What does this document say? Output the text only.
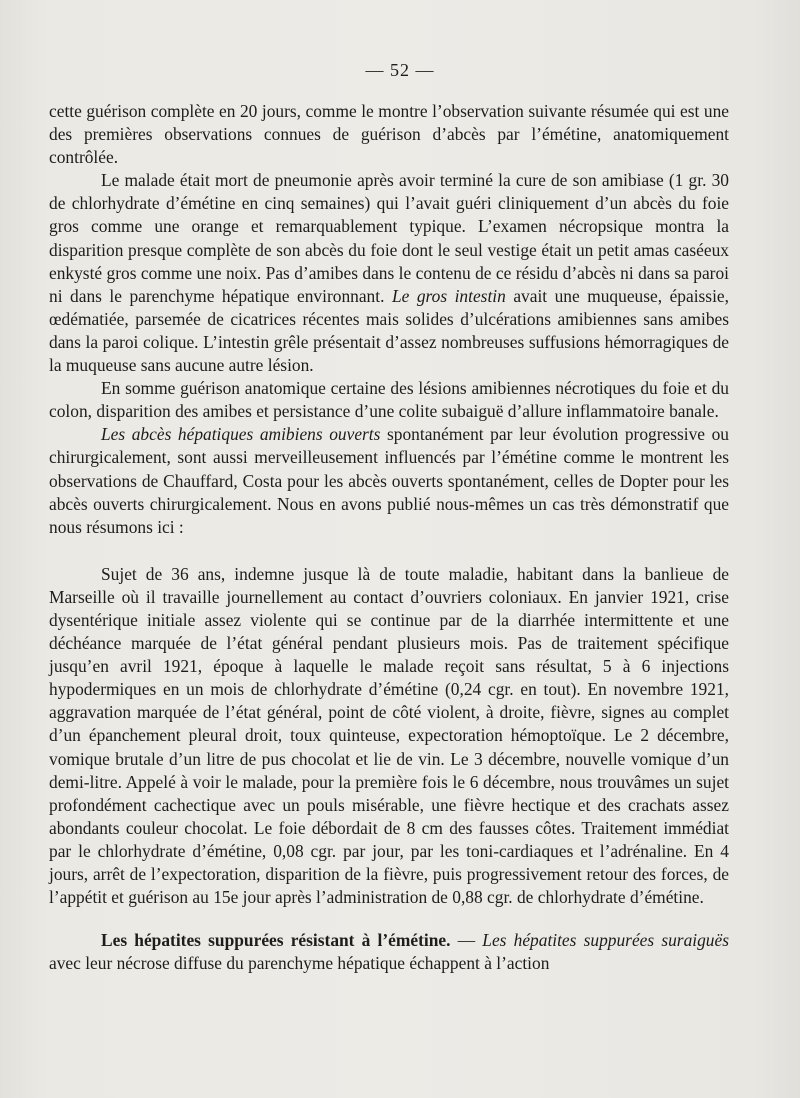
— 52 —

cette guérison complète en 20 jours, comme le montre l’observation suivante résumée qui est une des premières observations connues de guérison d’abcès par l’émétine, anatomiquement contrôlée.

Le malade était mort de pneumonie après avoir terminé la cure de son amibiase (1 gr. 30 de chlorhydrate d’émétine en cinq semaines) qui l’avait guéri cliniquement d’un abcès du foie gros comme une orange et remarquablement typique. L’examen nécropsique montra la disparition presque complète de son abcès du foie dont le seul vestige était un petit amas caséeux enkysté gros comme une noix. Pas d’amibes dans le contenu de ce résidu d’abcès ni dans sa paroi ni dans le parenchyme hépatique environnant. Le gros intestin avait une muqueuse, épaissie, œdématiée, parsemée de cicatrices récentes mais solides d’ulcérations amibiennes sans amibes dans la paroi colique. L’intestin grêle présentait d’assez nombreuses suffusions hémorragiques de la muqueuse sans aucune autre lésion.

En somme guérison anatomique certaine des lésions amibiennes nécrotiques du foie et du colon, disparition des amibes et persistance d’une colite subaiguë d’allure inflammatoire banale.

Les abcès hépatiques amibiens ouverts spontanément par leur évolution progressive ou chirurgicalement, sont aussi merveilleusement influencés par l’émétine comme le montrent les observations de Chauffard, Costa pour les abcès ouverts spontanément, celles de Dopter pour les abcès ouverts chirurgicalement. Nous en avons publié nous-mêmes un cas très démonstratif que nous résumons ici :

Sujet de 36 ans, indemne jusque là de toute maladie, habitant dans la banlieue de Marseille où il travaille journellement au contact d’ouvriers coloniaux. En janvier 1921, crise dysentérique initiale assez violente qui se continue par de la diarrhée intermittente et une déchéance marquée de l’état général pendant plusieurs mois. Pas de traitement spécifique jusqu’en avril 1921, époque à laquelle le malade reçoit sans résultat, 5 à 6 injections hypodermiques en un mois de chlorhydrate d’émétine (0,24 cgr. en tout). En novembre 1921, aggravation marquée de l’état général, point de côté violent, à droite, fièvre, signes au complet d’un épanchement pleural droit, toux quinteuse, expectoration hémoptoïque. Le 2 décembre, vomique brutale d’un litre de pus chocolat et lie de vin. Le 3 décembre, nouvelle vomique d’un demi-litre. Appelé à voir le malade, pour la première fois le 6 décembre, nous trouvâmes un sujet profondément cachectique avec un pouls misérable, une fièvre hectique et des crachats assez abondants couleur chocolat. Le foie débordait de 8 cm des fausses côtes. Traitement immédiat par le chlorhydrate d’émétine, 0,08 cgr. par jour, par les toni-cardiaques et l’adrénaline. En 4 jours, arrêt de l’expectoration, disparition de la fièvre, puis progressivement retour des forces, de l’appétit et guérison au 15e jour après l’administration de 0,88 cgr. de chlorhydrate d’émétine.

Les hépatites suppurées résistant à l’émétine. — Les hépatites suppurées suraiguës avec leur nécrose diffuse du parenchyme hépatique échappent à l’action
